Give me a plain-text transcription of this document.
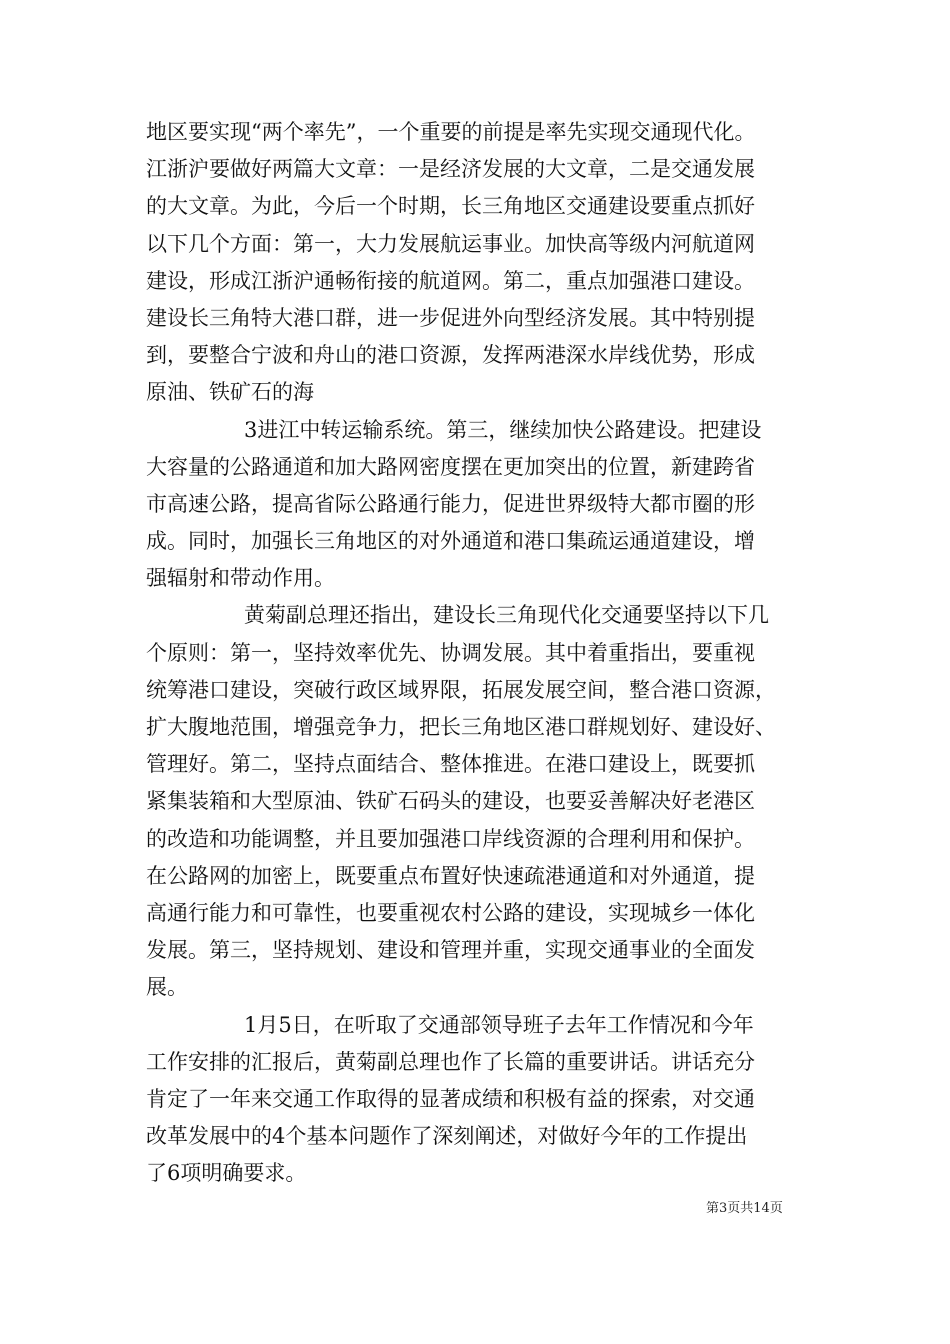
地区要实现“两个率先”，一个重要的前提是率先实现交通现代化。
江浙沪要做好两篇大文章：一是经济发展的大文章，二是交通发展
的大文章。为此，今后一个时期，长三角地区交通建设要重点抓好
以下几个方面：第一，大力发展航运事业。加快高等级内河航道网
建设，形成江浙沪通畅衔接的航道网。第二，重点加强港口建设。
建设长三角特大港口群，进一步促进外向型经济发展。其中特别提
到，要整合宁波和舟山的港口资源，发挥两港深水岸线优势，形成
原油、铁矿石的海
3进江中转运输系统。第三，继续加快公路建设。把建设
大容量的公路通道和加大路网密度摆在更加突出的位置，新建跨省
市高速公路，提高省际公路通行能力，促进世界级特大都市圈的形
成。同时，加强长三角地区的对外通道和港口集疏运通道建设，增
强辐射和带动作用。
黄菊副总理还指出，建设长三角现代化交通要坚持以下几
个原则：第一，坚持效率优先、协调发展。其中着重指出，要重视
统筹港口建设，突破行政区域界限，拓展发展空间，整合港口资源，
扩大腹地范围，增强竞争力，把长三角地区港口群规划好、建设好、
管理好。第二，坚持点面结合、整体推进。在港口建设上，既要抓
紧集装箱和大型原油、铁矿石码头的建设，也要妥善解决好老港区
的改造和功能调整，并且要加强港口岸线资源的合理利用和保护。
在公路网的加密上，既要重点布置好快速疏港通道和对外通道，提
高通行能力和可靠性，也要重视农村公路的建设，实现城乡一体化
发展。第三，坚持规划、建设和管理并重，实现交通事业的全面发
展。
1月5日，在听取了交通部领导班子去年工作情况和今年
工作安排的汇报后，黄菊副总理也作了长篇的重要讲话。讲话充分
肯定了一年来交通工作取得的显著成绩和积极有益的探索，对交通
改革发展中的4个基本问题作了深刻阐述，对做好今年的工作提出
了6项明确要求。
第3页共14页
